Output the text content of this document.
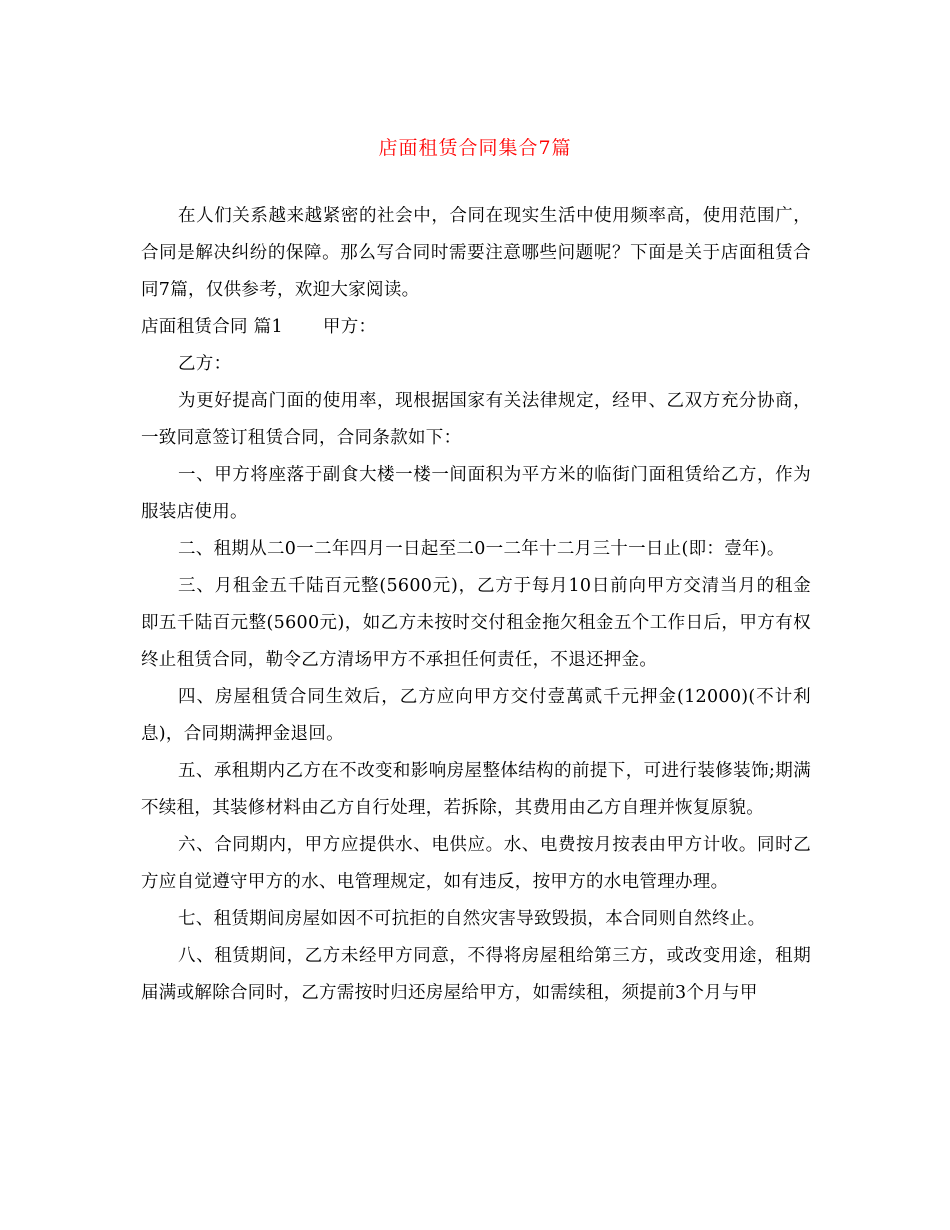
店面租赁合同集合7篇

在人们关系越来越紧密的社会中，合同在现实生活中使用频率高，使用范围广，合同是解决纠纷的保障。那么写合同时需要注意哪些问题呢？下面是关于店面租赁合同7篇，仅供参考，欢迎大家阅读。

店面租赁合同 篇1 甲方：

乙方：

为更好提高门面的使用率，现根据国家有关法律规定，经甲、乙双方充分协商，一致同意签订租赁合同，合同条款如下：

一、甲方将座落于副食大楼一楼一间面积为平方米的临街门面租赁给乙方，作为服装店使用。

二、租期从二0一二年四月一日起至二0一二年十二月三十一日止(即：壹年)。

三、月租金五千陆百元整(5600元)，乙方于每月10日前向甲方交清当月的租金即五千陆百元整(5600元)，如乙方未按时交付租金拖欠租金五个工作日后，甲方有权终止租赁合同，勒令乙方清场甲方不承担任何责任，不退还押金。

四、房屋租赁合同生效后，乙方应向甲方交付壹萬贰千元押金(12000)(不计利息)，合同期满押金退回。

五、承租期内乙方在不改变和影响房屋整体结构的前提下，可进行装修装饰;期满不续租，其装修材料由乙方自行处理，若拆除，其费用由乙方自理并恢复原貌。

六、合同期内，甲方应提供水、电供应。水、电费按月按表由甲方计收。同时乙方应自觉遵守甲方的水、电管理规定，如有违反，按甲方的水电管理办理。

七、租赁期间房屋如因不可抗拒的自然灾害导致毁损，本合同则自然终止。

八、租赁期间，乙方未经甲方同意，不得将房屋租给第三方，或改变用途，租期届满或解除合同时，乙方需按时归还房屋给甲方，如需续租，须提前3个月与甲
